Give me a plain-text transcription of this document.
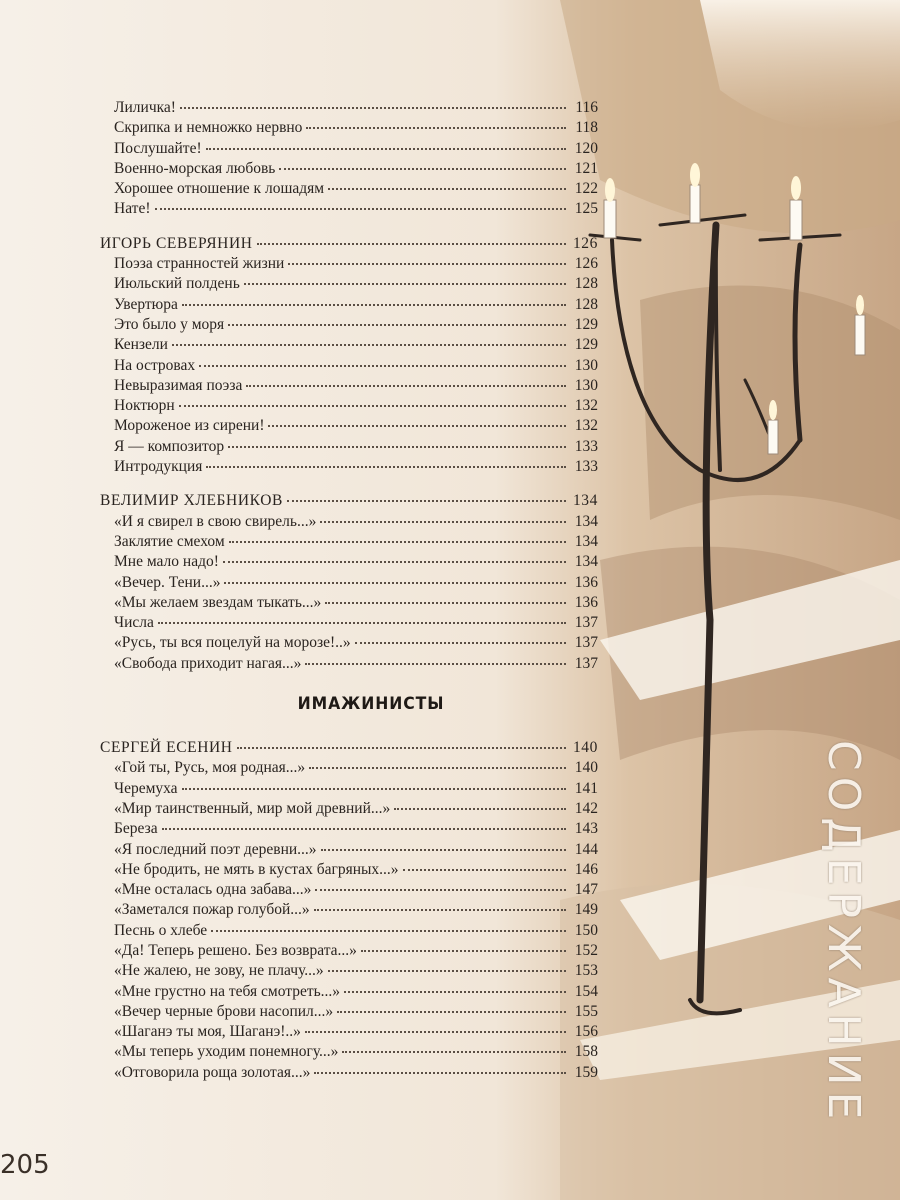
Лиличка!	116
Скрипка и немножко нервно	118
Послушайте!	120
Военно-морская любовь	121
Хорошее отношение к лошадям	122
Нате!	125
ИГОРЬ СЕВЕРЯНИН	126
Поэза странностей жизни	126
Июльский полдень	128
Увертюра	128
Это было у моря	129
Кензели	129
На островах	130
Невыразимая поэза	130
Ноктюрн	132
Мороженое из сирени!	132
Я — композитор	133
Интродукция	133
ВЕЛИМИР ХЛЕБНИКОВ	134
«И я свирел в свою свирель...»	134
Заклятие смехом	134
Мне мало надо!	134
«Вечер. Тени...»	136
«Мы желаем звездам тыкать...»	136
Числа	137
«Русь, ты вся поцелуй на морозе!..»	137
«Свобода приходит нагая...»	137
ИМАЖИНИСТЫ
СЕРГЕЙ ЕСЕНИН	140
«Гой ты, Русь, моя родная...»	140
Черемуха	141
«Мир таинственный, мир мой древний...»	142
Береза	143
«Я последний поэт деревни...»	144
«Не бродить, не мять в кустах багряных...»	146
«Мне осталась одна забава...»	147
«Заметался пожар голубой...»	149
Песнь о хлебе	150
«Да! Теперь решено. Без возврата...»	152
«Не жалею, не зову, не плачу...»	153
«Мне грустно на тебя смотреть...»	154
«Вечер черные брови насопил...»	155
«Шаганэ ты моя, Шаганэ!..»	156
«Мы теперь уходим понемногу...»	158
«Отговорила роща золотая...»	159	СОДЕРЖАНИЕ
205
